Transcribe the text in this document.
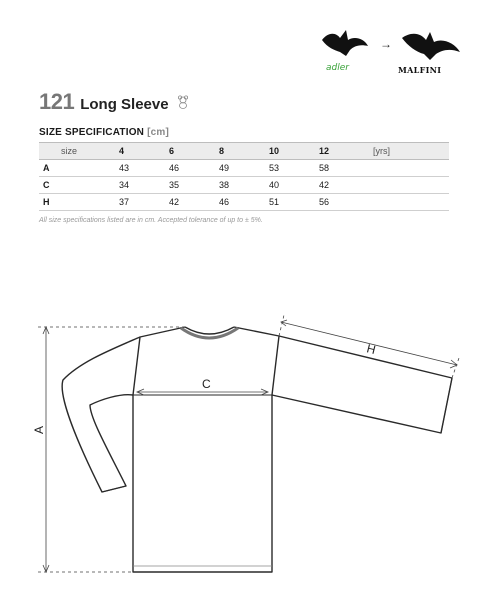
adler
→
MALFINI
121 Long Sleeve
SIZE SPECIFICATION [cm]
size	4	6	8	10	12	[yrs]
A	43	46	49	53	58	
C	34	35	38	40	42	
H	37	42	46	51	56	
All size specifications listed are in cm. Accepted tolerance of up to ± 5%.
A
C
H
